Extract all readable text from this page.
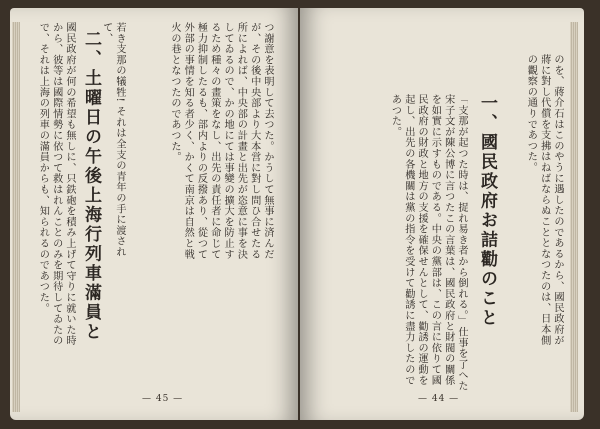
つ謝意を表明して去つた。かうして無事に済んだが、その後中央部より大本営に對し問ひ合せたる所によれば、中央部の計畫と出先が恣意に事を決してゐるので、かの地にては事變の擴大を防止するため種々の畫策をなし、出先の責任者に命じて極力抑制したるも、部内よりの反撥あり、從つて外部の事情を知る者少く、かくて南京は自然と戦火の巷となつたのであつた。
若き支那の犠牲! それは全支の青年の手に渡されて、
二、土曜日の午後上海行列車滿員と
國民政府が何の希望も無しに、只鉄砲を積み上げて守りに就いた時から、彼等は國際情勢に依つて救はれんことのみを期待してゐたので、それは上海の列車の滿員からも、知られるのであつた。
— 45 —
のを、蔣介石はこのやうに遇したのであるから、國民政府が蔣に對し代償を支拂はねばならぬこととなつたのは、日本側の觀察の通りであつた。
一、國民政府お詰勸のこと
「支那が起つた時は、捉れ易き者から倒れる。」仕事を了へた宋子文が陳公博に言つたこの言葉は、國民政府と財閥の關係を如實に示すものである。中央の黨部は、この言に依りて國民政府の財政と地方の支援を確保せんとして、勸誘の運動を起し、出先の各機關は黨の指令を受けて勸誘に盡力したのであつた。
— 44 —
